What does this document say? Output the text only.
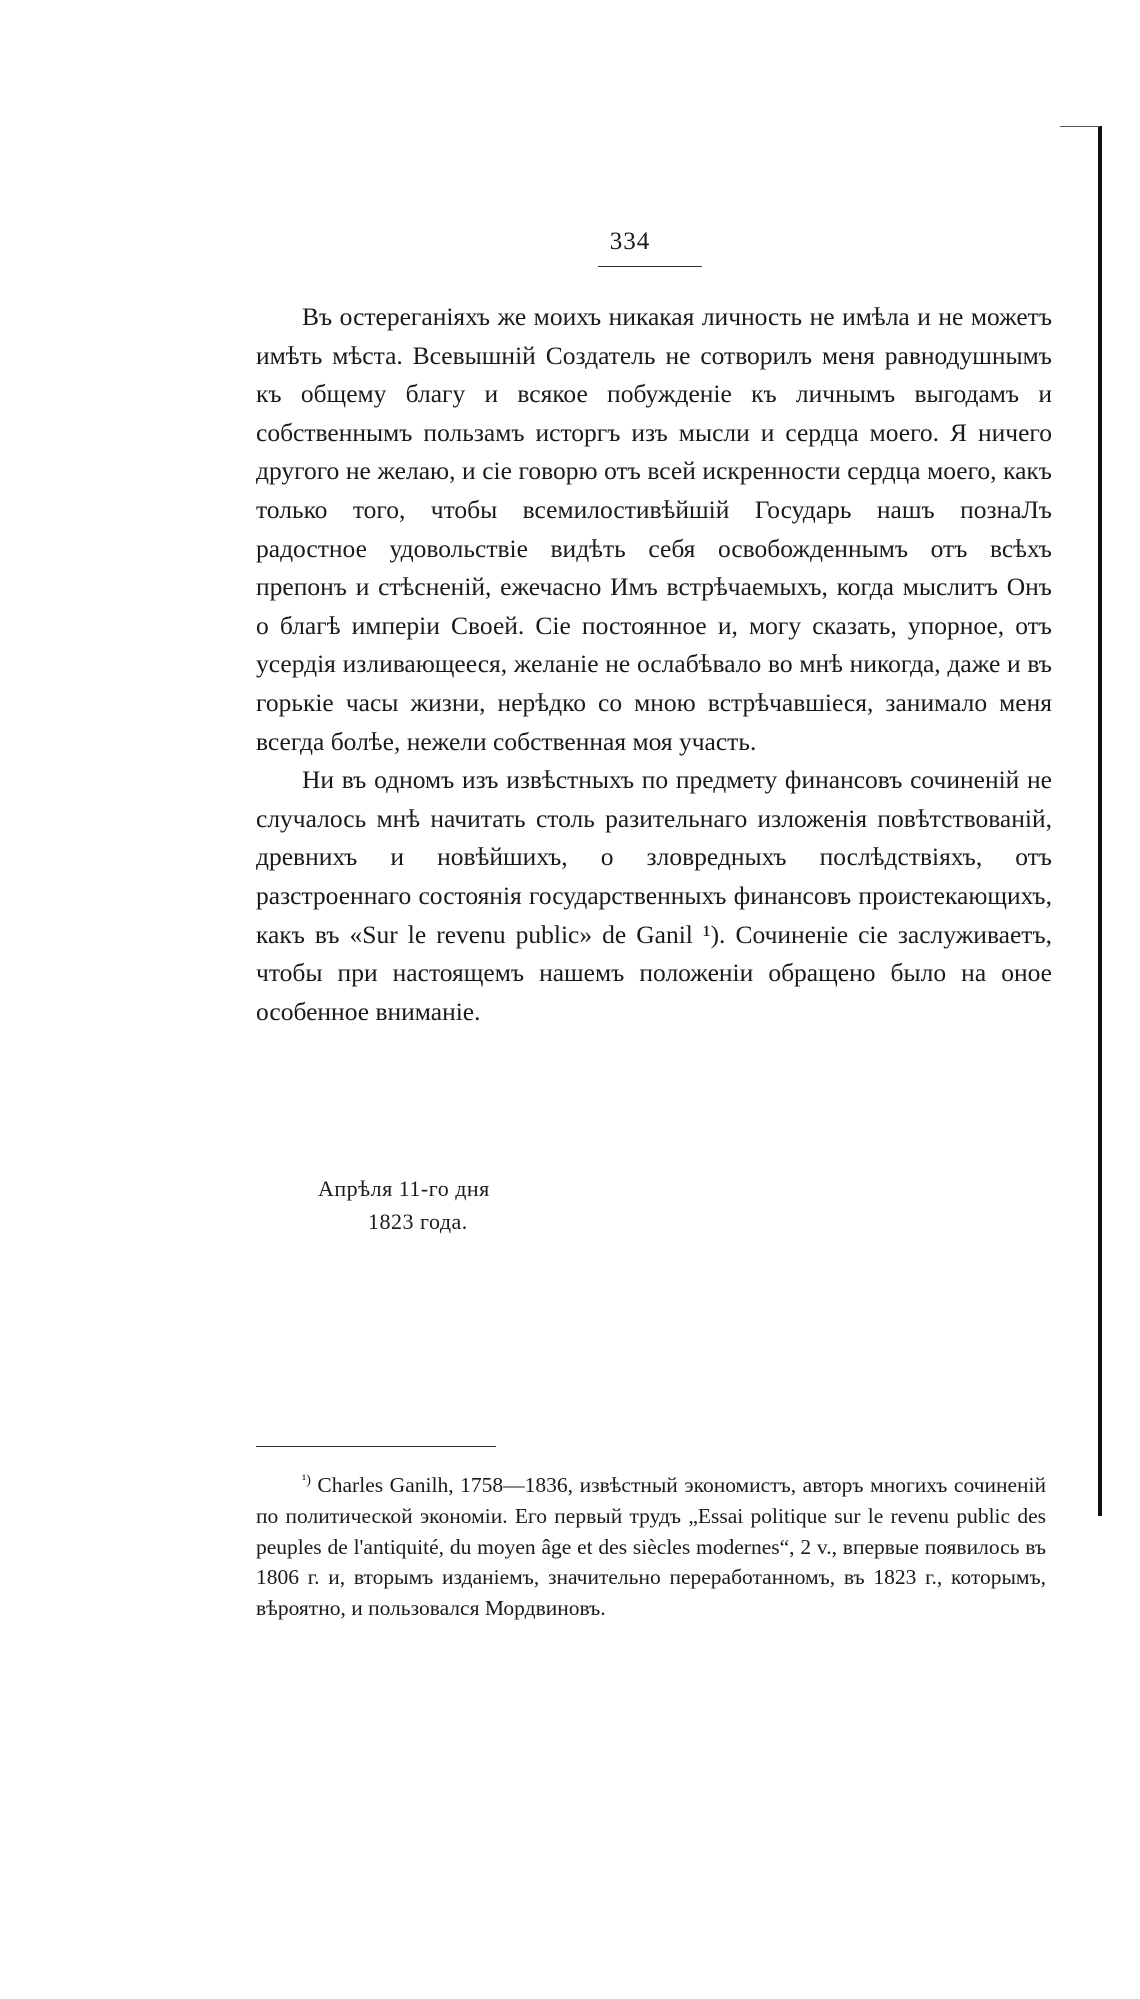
334

Въ остереганіяхъ же моихъ никакая личность не имѣла и не можетъ имѣть мѣста. Всевышній Создатель не сотворилъ меня равнодушнымъ къ общему благу и всякое побужденіе къ личнымъ выгодамъ и собственнымъ пользамъ исторгъ изъ мысли и сердца моего. Я ничего другого не желаю, и сіе говорю отъ всей искренности сердца моего, какъ только того, чтобы всемилостивѣйшій Государь нашъ познаЛъ радостное удовольствіе видѣть себя освобожденнымъ отъ всѣхъ препонъ и стѣсненій, ежечасно Имъ встрѣчаемыхъ, когда мыслитъ Онъ о благѣ имперіи Своей. Сіе постоянное и, могу сказать, упорное, отъ усердія изливающееся, желаніе не ослабѣвало во мнѣ никогда, даже и въ горькіе часы жизни, нерѣдко со мною встрѣчавшіеся, занимало меня всегда болѣе, нежели собственная моя участь.

Ни въ одномъ изъ извѣстныхъ по предмету финансовъ сочиненій не случалось мнѣ начитать столь разительнаго изложенія повѣтствованій, древнихъ и новѣйшихъ, о зловредныхъ послѣдствіяхъ, отъ разстроеннаго состоянія государственныхъ финансовъ проистекающихъ, какъ въ «Sur le revenu public» de Ganil ¹). Сочиненіе сіе заслуживаетъ, чтобы при настоящемъ нашемъ положеніи обращено было на оное особенное вниманіе.

Апрѣля 11-го дня
1823 года.

$^{^1)}$ Charles Ganilh, 1758—1836, извѣстный экономистъ, авторъ многихъ сочиненій по политической экономіи. Его первый трудъ „Essai politique sur le revenu public des peuples de l'antiquité, du moyen âge et des siècles modernes“, 2 v., впервые появилось въ 1806 г. и, вторымъ изданіемъ, значительно переработанномъ, въ 1823 г., которымъ, вѣроятно, и пользовался Мордвиновъ.
